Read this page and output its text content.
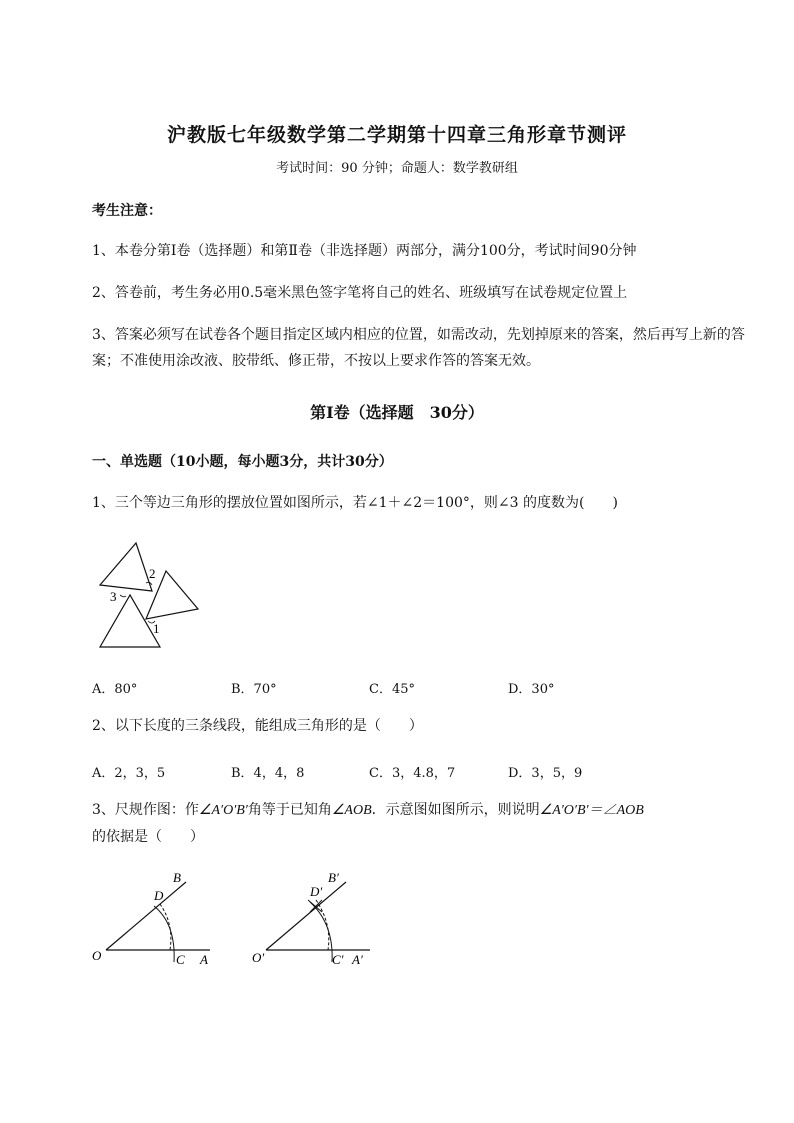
沪教版七年级数学第二学期第十四章三角形章节测评
考试时间：90 分钟；命题人：数学教研组
考生注意：
1、本卷分第I卷（选择题）和第Ⅱ卷（非选择题）两部分，满分100分，考试时间90分钟
2、答卷前，考生务必用0.5毫米黑色签字笔将自己的姓名、班级填写在试卷规定位置上
3、答案必须写在试卷各个题目指定区域内相应的位置，如需改动，先划掉原来的答案，然后再写上新的答案；不准使用涂改液、胶带纸、修正带，不按以上要求作答的答案无效。
第I卷（选择题　30分）
一、单选题（10小题，每小题3分，共计30分）
1、三个等边三角形的摆放位置如图所示，若∠1＋∠2＝100°，则∠3 的度数为(　　)
1
2
3
A．80°	B．70°	C．45°	D．30°
2、以下长度的三条线段，能组成三角形的是（　　）
A．2，3，5	B．4，4，8	C．3，4.8，7	D．3，5，9
3、尺规作图：作∠A′O′B′角等于已知角∠AOB．示意图如图所示，则说明∠A′O′B′＝∠AOB的依据是（　　）
O	C A
D
B
O′	C′ A′
D′
B′
